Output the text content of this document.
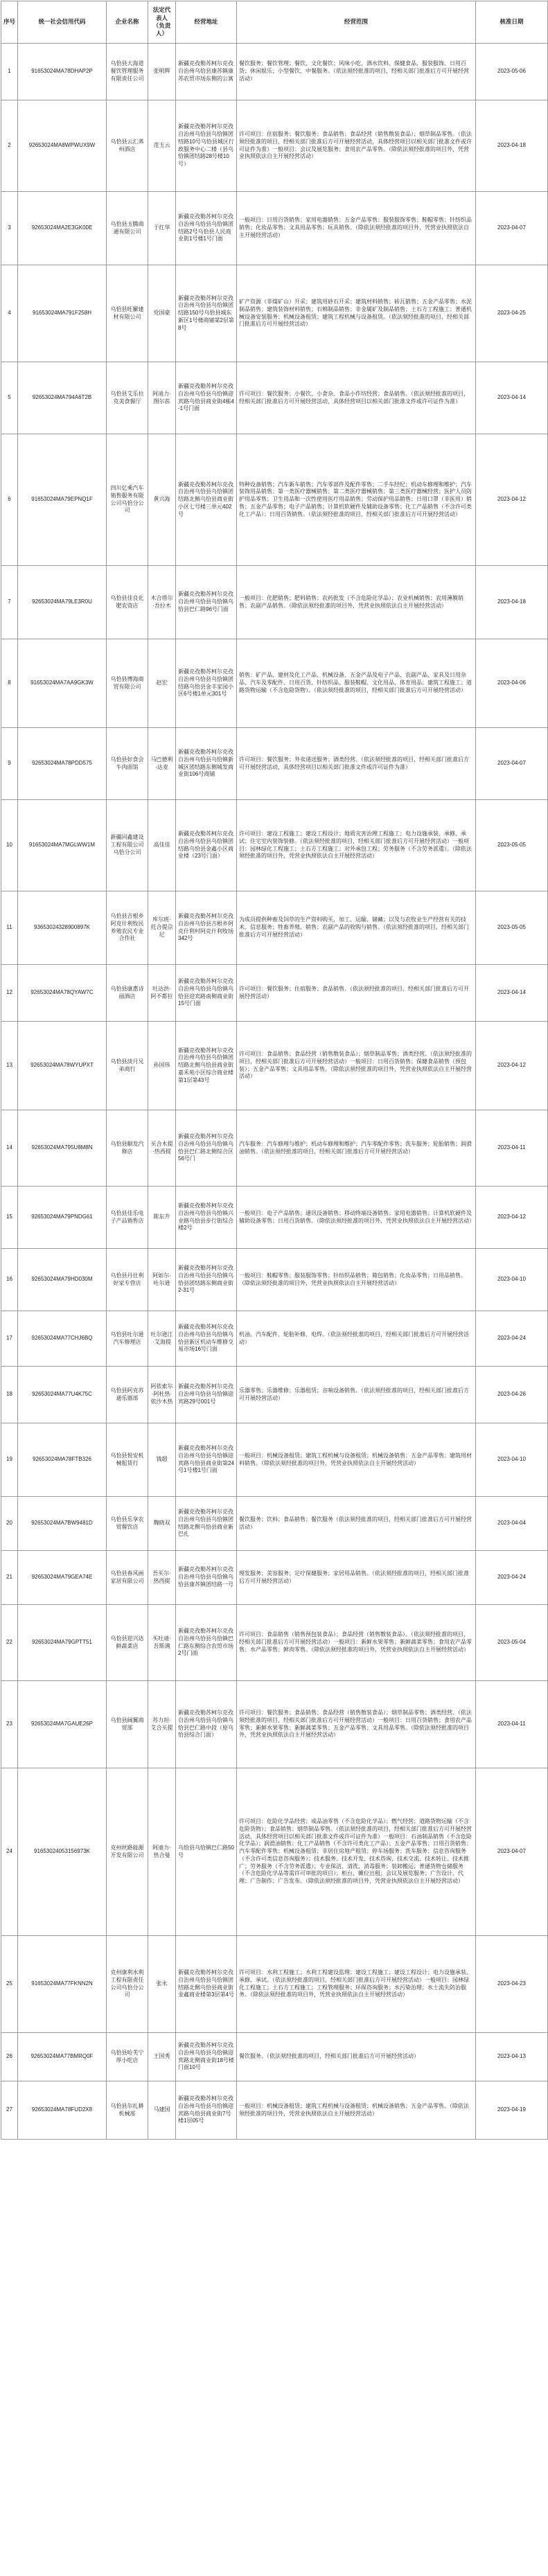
序号	统一社会信用代码	企业名称	法定代表人（负责人）	经营地址	经营范围	核准日期
1	91653024MA78DHAP2P	乌恰县大海道餐饮管理服务有限责任公司	张明辉	新疆克孜勒苏柯尔克孜自治州乌恰县康苏镇康苏农贸市场东侧的公寓	餐饮服务；餐饮管理；餐饮、文化餐饮；风味小吃、酒水饮料、保健食品、服装服饰、日用百货；休闲娱乐；小型餐饮、中餐服务。（依法须经批准的项目，经相关部门批准后方可开展经营活动）	2023-05-06
2	92653024MA8WPWUX9W	乌恰县云汇蒸州酒店	范玉云	新疆克孜勒苏柯尔克孜自治州乌恰县乌恰镇团结路10号乌恰县城区行政服务中心二楼（县乌恰镇团结路28号楼10号）	许可项目：住宿服务；餐饮服务；食品销售；食品经营（销售散装食品）；烟草制品零售。（依法须经批准的项目，经相关部门批准后方可开展经营活动，具体经营项目以相关部门批准文件或许可证件为准）一般项目：会议及展览服务；食用农产品零售。（除依法须经批准的项目外，凭营业执照依法自主开展经营活动）	2023-04-18
3	92653024MA2E3GK00E	乌恰县玉腾商通有限公司	于红华	新疆克孜勒苏柯尔克孜自治州乌恰县乌恰镇团结路2号乌恰县人民商业街1号楼1号门面	一般项目：日用百货销售；家用电器销售；五金产品零售；服装服饰零售；鞋帽零售；针纺织品销售；化妆品零售；文具用品零售；玩具销售。（除依法须经批准的项目外，凭营业执照依法自主开展经营活动）	2023-04-07
4	91653024MA791F258H	乌恰县旺羅建材有限公司	党国豪	新疆克孜勒苏柯尔克孜自治州乌恰县乌恰镇团结路150号乌恰县城东新区1号楼商铺第2层第8号	矿产资源（非煤矿山）开采；建筑用砂石开采；建筑材料销售；砖瓦销售；五金产品零售；水泥制品销售；建筑装饰材料销售；石棉制品销售；非金属矿及制品销售；土石方工程施工；普通机械设备安装服务；机械设备租赁；建筑工程机械与设备租赁。（依法须经批准的项目，经相关部门批准后方可开展经营活动）	2023-04-25
5	92653024MA794A6T2B	乌恰县艾乐拉克美食餐厅	阿迪力·图尔荪	新疆克孜勒苏柯尔克孜自治州乌恰县乌恰镇迎宾路乌恰县商业街4栋4-1号门面	许可项目：餐饮服务；小餐饮、小食杂、食品小作坊经营；食品销售。（依法须经批准的项目，经相关部门批准后方可开展经营活动，具体经营项目以相关部门批准文件或许可证件为准）	2023-04-14
6	91653024MA79EPNQ1F	四川亿乘汽车销售服务有限公司乌恰分公司	黄兴海	新疆克孜勒苏柯尔克孜自治州乌恰县乌恰镇团结路北侧乌恰县商业街小区七号楼三单元402号	特种设备销售；汽车新车销售；汽车零部件及配件零售；二手车经纪；机动车修理和维护；汽车装饰用品销售；第一类医疗器械销售；第二类医疗器械销售；第三类医疗器械经营；医护人员防护用品零售；卫生用品和一次性使用医疗用品销售；劳动保护用品销售；日用口罩（非医用）销售；五金产品零售；电子产品销售；计算机软硬件及辅助设备零售；化工产品销售（不含许可类化工产品）；日用百货销售。（依法须经批准的项目，经相关部门批准后方可开展经营活动）	2023-04-12
7	92653024MA79LE3R0U	乌恰县佳良化肥农资店	木合塔尔·吾拉木	新疆克孜勒苏柯尔克孜自治州乌恰县乌恰镇乌恰县巴仁路96号门面	一般项目：化肥销售；肥料销售；农药批发（不含危险化学品）；农业机械销售；农用薄膜销售；农副产品销售。（除依法须经批准的项目外，凭营业执照依法自主开展经营活动）	2023-04-18
8	91653024MA7AA9GK3W	乌恰县博海商贸有限公司	赵宏	新疆克孜勒苏柯尔克孜自治州乌恰县乌恰镇团结路乌恰县金丰家园小区6号楼1单元301号	销售：矿产品、建材及化工产品、机械设备、五金产品及电子产品、农副产品、家具及日用杂品、汽车及零配件、日用百货、针纺织品、服装鞋帽、文化用品、体育用品；建筑工程施工；道路货物运输（不含危险货物）。（依法须经批准的项目，经相关部门批准后方可开展经营活动）	2023-04-06
9	92653024MA78PDD575	乌恰县好食会牛肉面馆	马巴德利·达麦	新疆克孜勒苏柯尔克孜自治州乌恰县乌恰镇新城区团结路东侧城发商业街106号商铺	许可项目：餐饮服务；外卖递送服务；酒类经营。（依法须经批准的项目，经相关部门批准后方可开展经营活动，具体经营项目以相关部门批准文件或许可证件为准）	2023-04-07
10	91653024MA7MGLWW1M	新疆同鑫建设工程有限公司乌恰分公司	高佳佳	新疆克孜勒苏柯尔克孜自治州乌恰县乌恰镇团结路乌恰县金鑫小区商业楼（23号门面）	许可项目：建设工程施工；建设工程设计；地质灾害治理工程施工；电力设施承装、承修、承试；住宅室内装饰装修。（依法须经批准的项目，经相关部门批准后方可开展经营活动）一般项目：园林绿化工程施工；土石方工程施工；对外承包工程；劳务服务（不含劳务派遣）。（除依法须经批准的项目外，凭营业执照依法自主开展经营活动）	2023-05-05
11	93653024328900897K	乌恰县吉根乡阿克什利牧民养殖农民专业合作社	库尔班·托合提尕尼	新疆克孜勒苏柯尔克孜自治州乌恰县吉根乡阿克什利村阿克什利牧场342号	为成员提供种畜及饲草的生产资料购买，加工、运输、储藏；以及与农牧业生产经营有关的技术、信息服务；牲畜养殖、销售；农副产品的收购与销售。（依法须经批准的项目，经相关部门批准后方可开展经营活动）	2023-05-05
12	92653024MA78QYAW7C	乌恰县康惠诗丽酒店	吐达洪·阿不都拉	新疆克孜勒苏柯尔克孜自治州乌恰县乌恰镇乌恰县迎宾路南侧商业街15号门面	许可项目：餐饮服务；住宿服务；食品销售。（依法须经批准的项目，经相关部门批准后方可开展经营活动）	2023-04-14
13	92653024MA78WYUPXT	乌恰县淡月兄弟商行	孙国伟	新疆克孜勒苏柯尔克孜自治州乌恰县乌恰镇团结路北侧乌恰县商业街嘉禾苑小区综合商业楼第1层第43号	许可项目：食品销售；食品经营（销售散装食品）；烟草制品零售；酒类经营。（依法须经批准的项目，经相关部门批准后方可开展经营活动）一般项目：日用百货销售；保健食品销售（预包装）；五金产品零售；文具用品零售。（除依法须经批准的项目外，凭营业执照依法自主开展经营活动）	2023-04-12
14	92653024MA795U8M8N	乌恰县顺发汽修店	买合木提·热西提	新疆克孜勒苏柯尔克孜自治州乌恰县乌恰镇乌恰县巴仁路北侧综合区56号门	汽车服务：汽车修理与维护；机动车修理和维护；汽车零配件零售；洗车服务；轮胎销售；润滑油销售。（依法须经批准的项目，经相关部门批准后方可开展经营活动）	2023-04-11
15	92653024MA79PNDG61	乌恰县佳乐电子产品销售店	陈东升	新疆克孜勒苏柯尔克孜自治州乌恰县乌恰镇兴业路乌恰县步行街综合楼2号	一般项目：电子产品销售；通讯设备销售；移动终端设备销售；家用电器销售；计算机软硬件及辅助设备零售；日用百货销售。（除依法须经批准的项目外，凭营业执照依法自主开展经营活动）	2023-04-12
16	92653024MA79HD030M	乌恰县丹仕利好家专营店	阿如尔·吐尔逊	新疆克孜勒苏柯尔克孜自治州乌恰县乌恰镇乌恰县团结路东侧商业街2-31号	一般项目：鞋帽零售；服装服饰零售；针纺织品销售；箱包销售；化妆品零售；日用品销售。（除依法须经批准的项目外，凭营业执照依法自主开展经营活动）	2023-04-10
17	92653024MA77CHJ6BQ	乌恰县吐尔逊汽车修理店	吐尔逊江·艾海提	新疆克孜勒苏柯尔克孜自治州乌恰县乌恰镇乌恰县新区机动车维修交易市场16号门面	机油、汽车配件、轮胎补修、电焊。（依法须经批准的项目，经相关部门批准后方可开展经营活动）	2023-04-24
18	92653024MA77U4K75C	乌恰县阿克苏通乐器部	阿依索尔·阿杜热·依沙木热	新疆克孜勒苏柯尔克孜自治州乌恰县乌恰镇迎宾路29号001号	乐器零售；乐器维修；乐器租赁；音响设备销售。（依法须经批准的项目，经相关部门批准后方可开展经营活动）	2023-04-26
19	92653024MA78FTB326	乌恰县悦安机械租赁行	钱超	新疆克孜勒苏柯尔克孜自治州乌恰县乌恰镇迎宾路乌恰县商业街第24号1号楼1号门面	一般项目：机械设备租赁；建筑工程机械与设备租赁；机械设备销售；五金产品零售；建筑用材料销售。（除依法须经批准的项目外，凭营业执照依法自主开展经营活动）	2023-04-10
20	92653024MA7BW9481D	乌恰县乐享农贸餐饮店	魏晓双	新疆克孜勒苏柯尔克孜自治州乌恰县乌恰镇团结路北侧乌恰县商业新巴扎	餐饮服务；饮料；食品销售；餐饮服务（依法须经批准的项目，经相关部门批准后方可开展经营活动）	2023-04-04
21	92653024MA79GEA74E	乌恰县春风画家居有限公司	吾买尔·热西提	新疆克孜勒苏柯尔克孜自治州乌恰县乌恰镇乌恰县康苏镇团结路一号	理发服务；美容服务；足疗保健服务；家居用品销售。（依法须经批准的项目，经相关部门批准后方可开展经营活动）	2023-04-24
22	92653024MA79GPTT51	乌恰县迎兴达鲜蔬菜店	买吐迪·吾斯满	新疆克孜勒苏柯尔克孜自治州乌恰县乌恰镇巴仁路东侧综合农贸市场2号门面	许可项目：食品销售（销售预包装食品）；食品经营（销售散装食品）。（依法须经批准的项目，经相关部门批准后方可开展经营活动）一般项目：新鲜水果零售；新鲜蔬菜零售；食用农产品零售；水产品零售；鲜肉零售。（除依法须经批准的项目外，凭营业执照依法自主开展经营活动）	2023-05-04
23	92653024MA7GAUE26P	乌恰县阔翼商贸部	苏力坦·艾合买提	新疆克孜勒苏柯尔克孜自治州乌恰县乌恰镇乌恰县巴仁路中段（原乌恰县综合门面）	许可项目：餐饮服务；食品销售；食品经营（销售散装食品）；烟草制品零售；酒类经营。（依法须经批准的项目，经相关部门批准后方可开展经营活动）一般项目：日用百货销售；食用农产品零售；新鲜水果零售；新鲜蔬菜零售；五金产品零售；文具用品零售。（除依法须经批准的项目外，凭营业执照依法自主开展经营活动）	2023-04-11
24	91653024053156973K	克州丝路能源开发有限公司	阿迪力·热合曼	乌恰县乌恰镇巴仁路50号	许可项目：危险化学品经营；成品油零售（不含危险化学品）；燃气经营；道路货物运输（不含危险货物）；食品销售；烟草制品零售。（依法须经批准的项目，经相关部门批准后方可开展经营活动，具体经营项目以相关部门批准文件或许可证件为准）一般项目：石油制品销售（不含危险化学品）；润滑油销售；化工产品销售（不含许可类化工产品）；五金产品零售；日用百货销售；汽车零配件零售；机械设备租赁；非居住房地产租赁；停车场服务；洗车服务；信息咨询服务（不含许可类信息咨询服务）；技术服务、技术开发、技术咨询、技术交流、技术转让、技术推广；劳务服务（不含劳务派遣）；专业保洁、清洗、消毒服务；装卸搬运；普通货物仓储服务（不含危险化学品等需许可审批的项目）；柜台、摊位出租；会议及展览服务；广告设计、代理；广告制作；广告发布。（除依法须经批准的项目外，凭营业执照依法自主开展经营活动）	2023-04-07
25	91653024MA77FKNN2N	克州康利水利工程有限责任公司乌恰分公司	张永	新疆克孜勒苏柯尔克孜自治州乌恰县乌恰镇团结路北侧乌恰县商业街金鑫商业楼第3层第4号	许可项目：水利工程施工；水利工程建设监理；建设工程施工；建设工程设计；电力设施承装、承修、承试。（依法须经批准的项目，经相关部门批准后方可开展经营活动）一般项目：园林绿化工程施工；土石方工程施工；工程管理服务；环保咨询服务；水污染治理；水土流失防治服务。（除依法须经批准的项目外，凭营业执照依法自主开展经营活动）	2023-04-23
26	92653024MA77BMRQ0F	乌恰县哈芙宁厚小吃店	王国秀	新疆克孜勒苏柯尔克孜自治州乌恰县乌恰镇迎宾路北侧商业街18号楼门面10号	餐饮服务。（依法须经批准的项目，经相关部门批准后方可开展经营活动）	2023-04-13
27	92653024MA78FUD2X8	乌恰县尔扎耕机械部	马建国	新疆克孜勒苏柯尔克孜自治州乌恰县乌恰镇迎宾路乌恰县商业街7号楼1层05号	一般项目：机械设备租赁；建筑工程机械与设备租赁；机械设备销售；五金产品零售。（除依法须经批准的项目外，凭营业执照依法自主开展经营活动）	2023-04-19
